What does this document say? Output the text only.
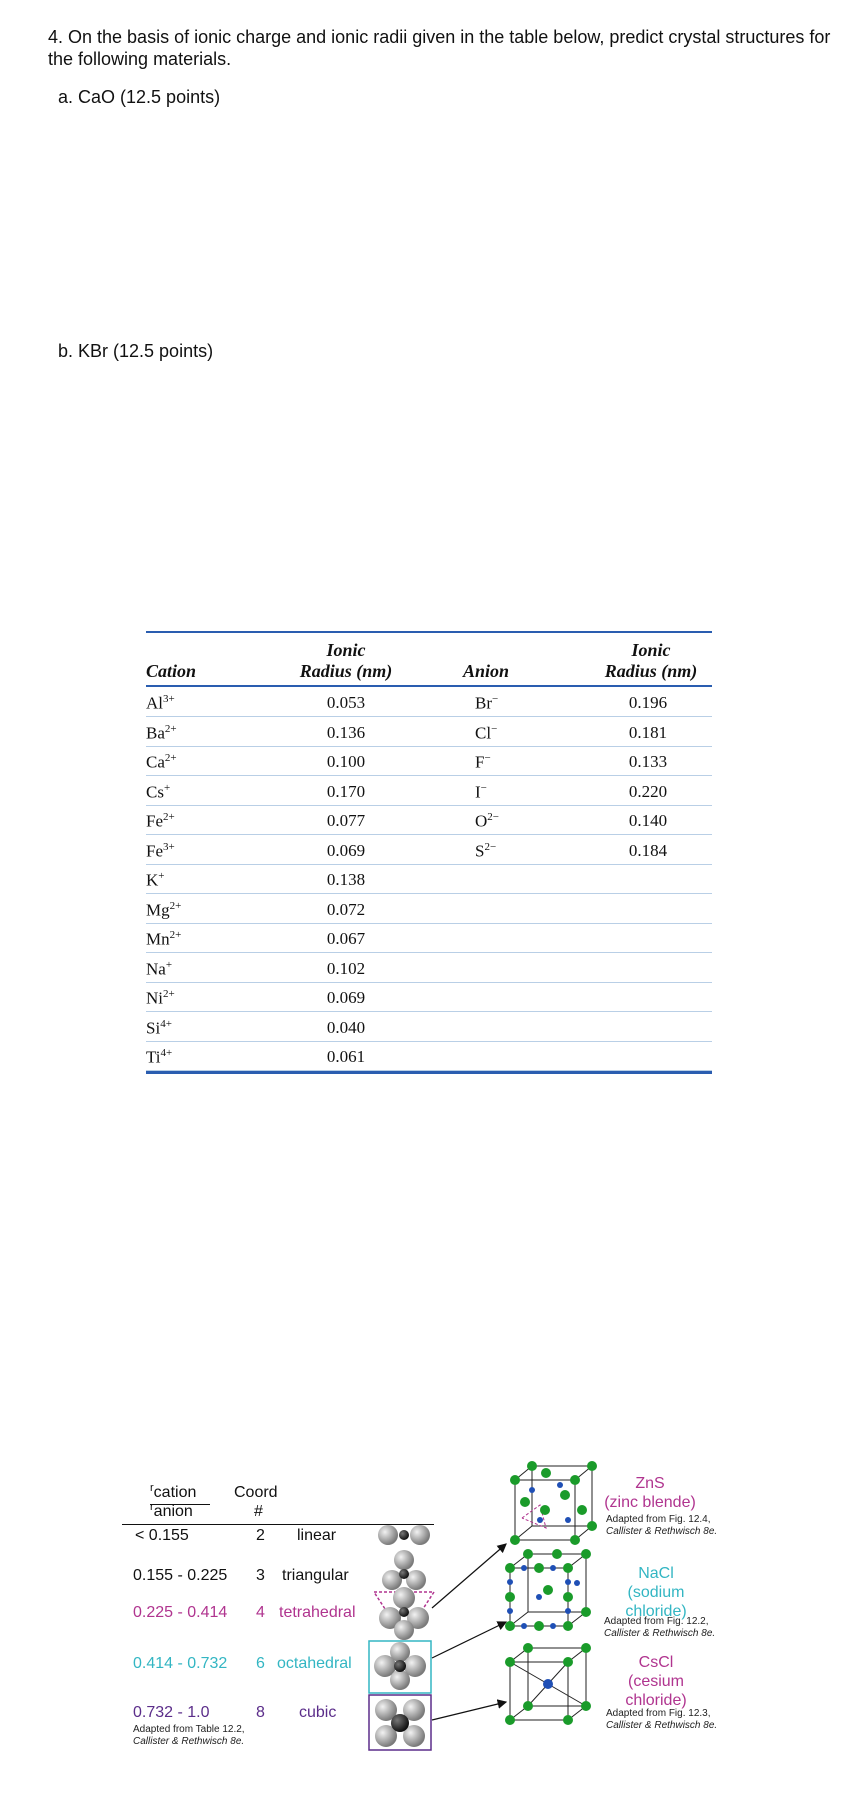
4. On the basis of ionic charge and ionic radii given in the table below, predict crystal structures for the following materials.
a. CaO (12.5 points)
b. KBr (12.5 points)
Cation
Ionic
Radius (nm)	Anion
Ionic
Radius (nm)
$Al^{3+}$	0.053	Br−	0.196
$Ba^{2+}$	0.136	Cl−	0.181
$Ca^{2+}$	0.100	F−	0.133
Cs+	0.170	I−	0.220
$Fe^{2+}$	0.077	$O^{2-}$	0.140
$Fe^{3+}$	0.069	$S^{2-}$	0.184
K+	0.138
$Mg^{2+}$	0.072
$Mn^{2+}$	0.067
Na+	0.102
$Ni^{2+}$	0.069
$Si^{4+}$	0.040
$Ti^{4+}$	0.061
$^r$cation
$^r$anion
Coord
#
< 0.155	2 linear
0.155 - 0.225 3 triangular
0.225 - 0.414 4 tetrahedral
0.414 - 0.732 6 octahedral
0.732 - 1.0	8 cubic
Adapted from Table 12.2,
Callister & Rethwisch 8e.
ZnS
(zinc blende)
Adapted from Fig. 12.4,
Callister & Rethwisch 8e.
NaCl
(sodium
chloride)
Adapted from Fig. 12.2,
Callister & Rethwisch 8e.
CsCl
(cesium
chloride)
Adapted from Fig. 12.3,
Callister & Rethwisch 8e.
